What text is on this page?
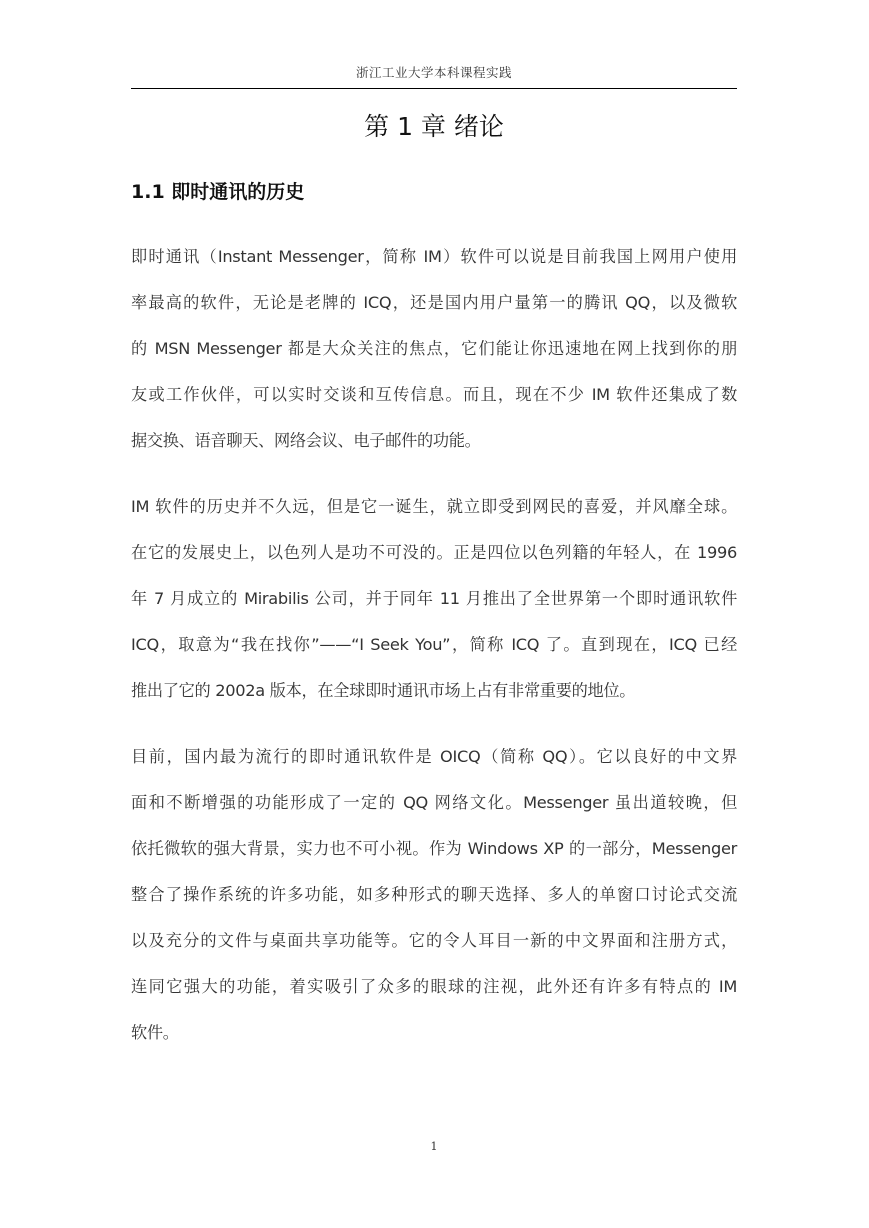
浙江工业大学本科课程实践
第 1 章 绪论
1.1 即时通讯的历史

即时通讯（Instant Messenger，简称 IM）软件可以说是目前我国上网用户使用
率最高的软件，无论是老牌的 ICQ，还是国内用户量第一的腾讯 QQ，以及微软
的 MSN Messenger 都是大众关注的焦点，它们能让你迅速地在网上找到你的朋
友或工作伙伴，可以实时交谈和互传信息。而且，现在不少 IM 软件还集成了数
据交换、语音聊天、网络会议、电子邮件的功能。

IM 软件的历史并不久远，但是它一诞生，就立即受到网民的喜爱，并风靡全球。
在它的发展史上，以色列人是功不可没的。正是四位以色列籍的年轻人，在 1996
年 7 月成立的 Mirabilis 公司，并于同年 11 月推出了全世界第一个即时通讯软件
ICQ，取意为“我在找你”——“I Seek You”，简称 ICQ 了。直到现在，ICQ 已经
推出了它的 2002a 版本，在全球即时通讯市场上占有非常重要的地位。

目前，国内最为流行的即时通讯软件是 OICQ（简称 QQ）。它以良好的中文界
面和不断增强的功能形成了一定的 QQ 网络文化。Messenger 虽出道较晚，但
依托微软的强大背景，实力也不可小视。作为 Windows XP 的一部分，Messenger
整合了操作系统的许多功能，如多种形式的聊天选择、多人的单窗口讨论式交流
以及充分的文件与桌面共享功能等。它的令人耳目一新的中文界面和注册方式，
连同它强大的功能，着实吸引了众多的眼球的注视，此外还有许多有特点的 IM
软件。

1
